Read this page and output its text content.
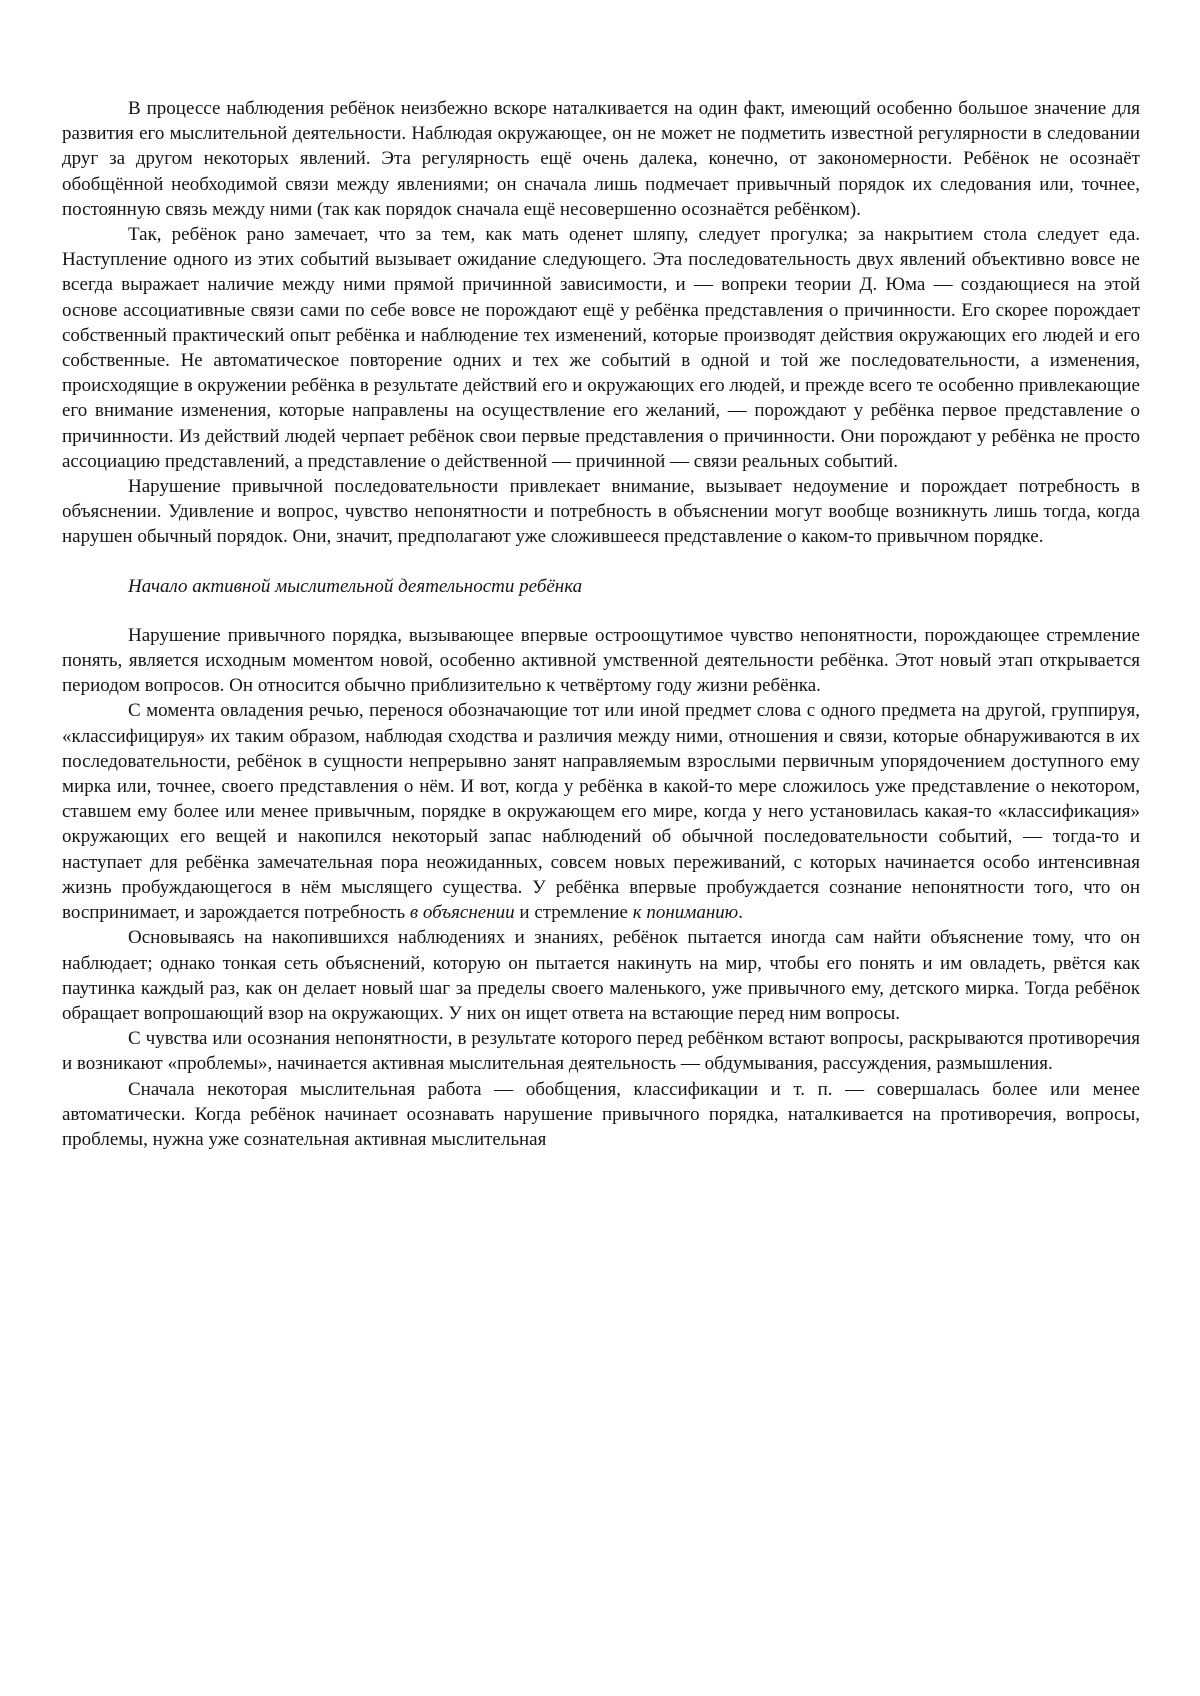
В процессе наблюдения ребёнок неизбежно вскоре наталкивается на один факт, имеющий особенно большое значение для развития его мыслительной деятельности. Наблюдая окружающее, он не может не подметить известной регулярности в следовании друг за другом некоторых явлений. Эта регулярность ещё очень далека, конечно, от закономерности. Ребёнок не осознаёт обобщённой необходимой связи между явлениями; он сначала лишь подмечает привычный порядок их следования или, точнее, постоянную связь между ними (так как порядок сначала ещё несовершенно осознаётся ребёнком).

Так, ребёнок рано замечает, что за тем, как мать оденет шляпу, следует прогулка; за накрытием стола следует еда. Наступление одного из этих событий вызывает ожидание следующего. Эта последовательность двух явлений объективно вовсе не всегда выражает наличие между ними прямой причинной зависимости, и — вопреки теории Д. Юма — создающиеся на этой основе ассоциативные связи сами по себе вовсе не порождают ещё у ребёнка представления о причинности. Его скорее порождает собственный практический опыт ребёнка и наблюдение тех изменений, которые производят действия окружающих его людей и его собственные. Не автоматическое повторение одних и тех же событий в одной и той же последовательности, а изменения, происходящие в окружении ребёнка в результате действий его и окружающих его людей, и прежде всего те особенно привлекающие его внимание изменения, которые направлены на осуществление его желаний, — порождают у ребёнка первое представление о причинности. Из действий людей черпает ребёнок свои первые представления о причинности. Они порождают у ребёнка не просто ассоциацию представлений, а представление о действенной — причинной — связи реальных событий.

Нарушение привычной последовательности привлекает внимание, вызывает недоумение и порождает потребность в объяснении. Удивление и вопрос, чувство непонятности и потребность в объяснении могут вообще возникнуть лишь тогда, когда нарушен обычный порядок. Они, значит, предполагают уже сложившееся представление о каком-то привычном порядке.

Начало активной мыслительной деятельности ребёнка

Нарушение привычного порядка, вызывающее впервые остроощутимое чувство непонятности, порождающее стремление понять, является исходным моментом новой, особенно активной умственной деятельности ребёнка. Этот новый этап открывается периодом вопросов. Он относится обычно приблизительно к четвёртому году жизни ребёнка.

С момента овладения речью, перенося обозначающие тот или иной предмет слова с одного предмета на другой, группируя, «классифицируя» их таким образом, наблюдая сходства и различия между ними, отношения и связи, которые обнаруживаются в их последовательности, ребёнок в сущности непрерывно занят направляемым взрослыми первичным упорядочением доступного ему мирка или, точнее, своего представления о нём. И вот, когда у ребёнка в какой-то мере сложилось уже представление о некотором, ставшем ему более или менее привычным, порядке в окружающем его мире, когда у него установилась какая-то «классификация» окружающих его вещей и накопился некоторый запас наблюдений об обычной последовательности событий, — тогда-то и наступает для ребёнка замечательная пора неожиданных, совсем новых переживаний, с которых начинается особо интенсивная жизнь пробуждающегося в нём мыслящего существа. У ребёнка впервые пробуждается сознание непонятности того, что он воспринимает, и зарождается потребность в объяснении и стремление к пониманию.

Основываясь на накопившихся наблюдениях и знаниях, ребёнок пытается иногда сам найти объяснение тому, что он наблюдает; однако тонкая сеть объяснений, которую он пытается накинуть на мир, чтобы его понять и им овладеть, рвётся как паутинка каждый раз, как он делает новый шаг за пределы своего маленького, уже привычного ему, детского мирка. Тогда ребёнок обращает вопрошающий взор на окружающих. У них он ищет ответа на встающие перед ним вопросы.

С чувства или осознания непонятности, в результате которого перед ребёнком встают вопросы, раскрываются противоречия и возникают «проблемы», начинается активная мыслительная деятельность — обдумывания, рассуждения, размышления.

Сначала некоторая мыслительная работа — обобщения, классификации и т. п. — совершалась более или менее автоматически. Когда ребёнок начинает осознавать нарушение привычного порядка, наталкивается на противоречия, вопросы, проблемы, нужна уже сознательная активная мыслительная
